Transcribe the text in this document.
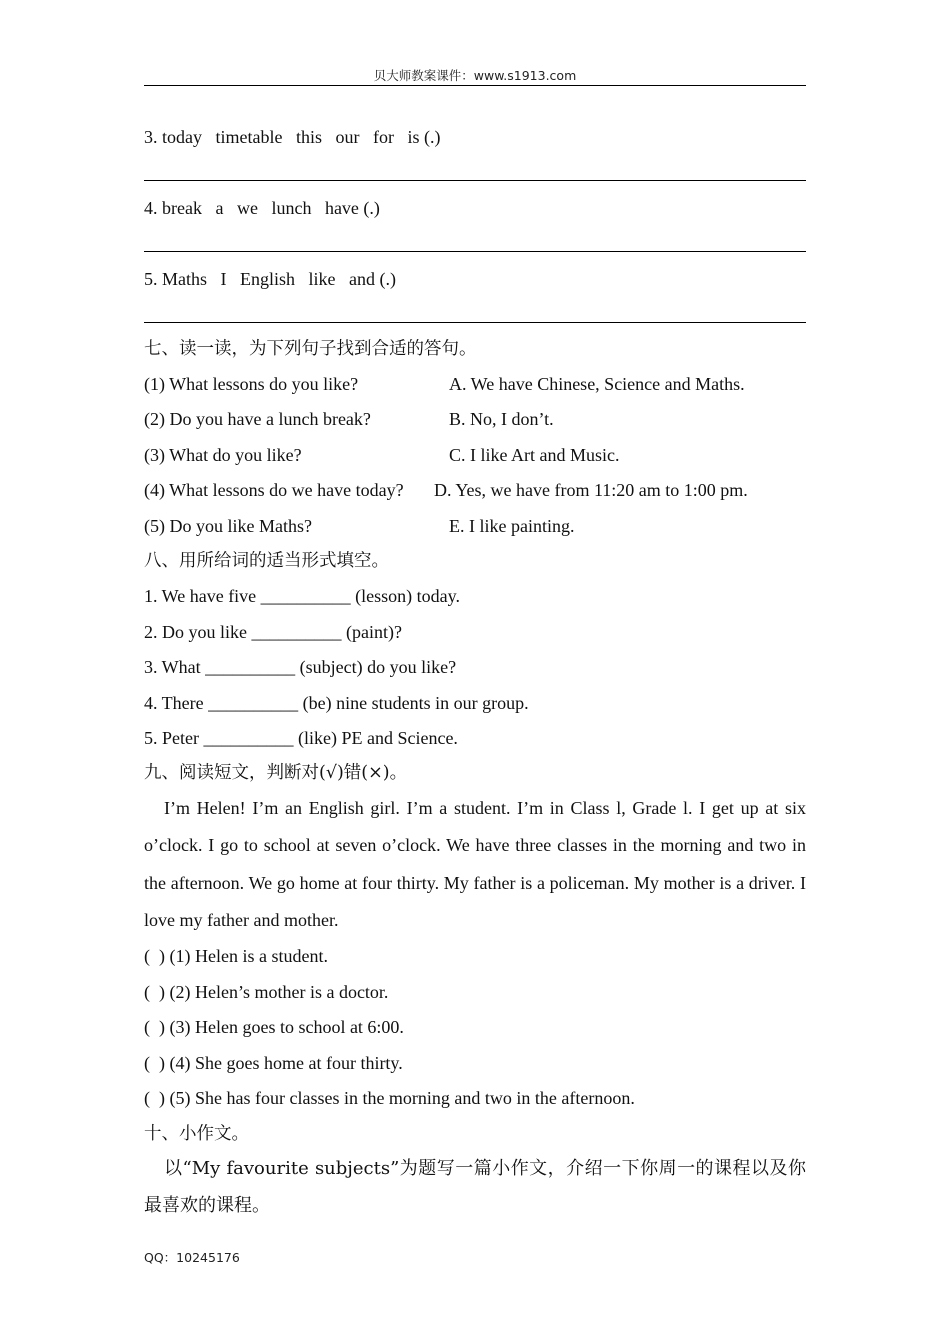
贝大师教案课件：www.s1913.com
3. today   timetable   this   our   for   is (.)
4. break   a   we   lunch   have (.)
5. Maths   I   English   like   and (.)
七、读一读，为下列句子找到合适的答句。
(1) What lessons do you like?	A. We have Chinese, Science and Maths.
(2) Do you have a lunch break?	B. No, I don’t.
(3) What do you like?	C. I like Art and Music.
(4) What lessons do we have today? D. Yes, we have from 11:20 am to 1:00 pm.
(5) Do you like Maths?	E. I like painting.
八、用所给词的适当形式填空。
1. We have five __________ (lesson) today.
2. Do you like __________ (paint)?
3. What __________ (subject) do you like?
4. There __________ (be) nine students in our group.
5. Peter __________ (like) PE and Science.
九、阅读短文，判断对(√)错(×)。
I’m Helen! I’m an English girl. I’m a student. I’m in Class l, Grade l. I get up at six o’clock. I go to school at seven o’clock. We have three classes in the morning and two in the afternoon. We go home at four thirty. My father is a policeman. My mother is a driver. I love my father and mother.
(  ) (1) Helen is a student.
(  ) (2) Helen’s mother is a doctor.
(  ) (3) Helen goes to school at 6:00.
(  ) (4) She goes home at four thirty.
(  ) (5) She has four classes in the morning and two in the afternoon.
十、小作文。
以“My favourite subjects”为题写一篇小作文，介绍一下你周一的课程以及你最喜欢的课程。
QQ：10245176
